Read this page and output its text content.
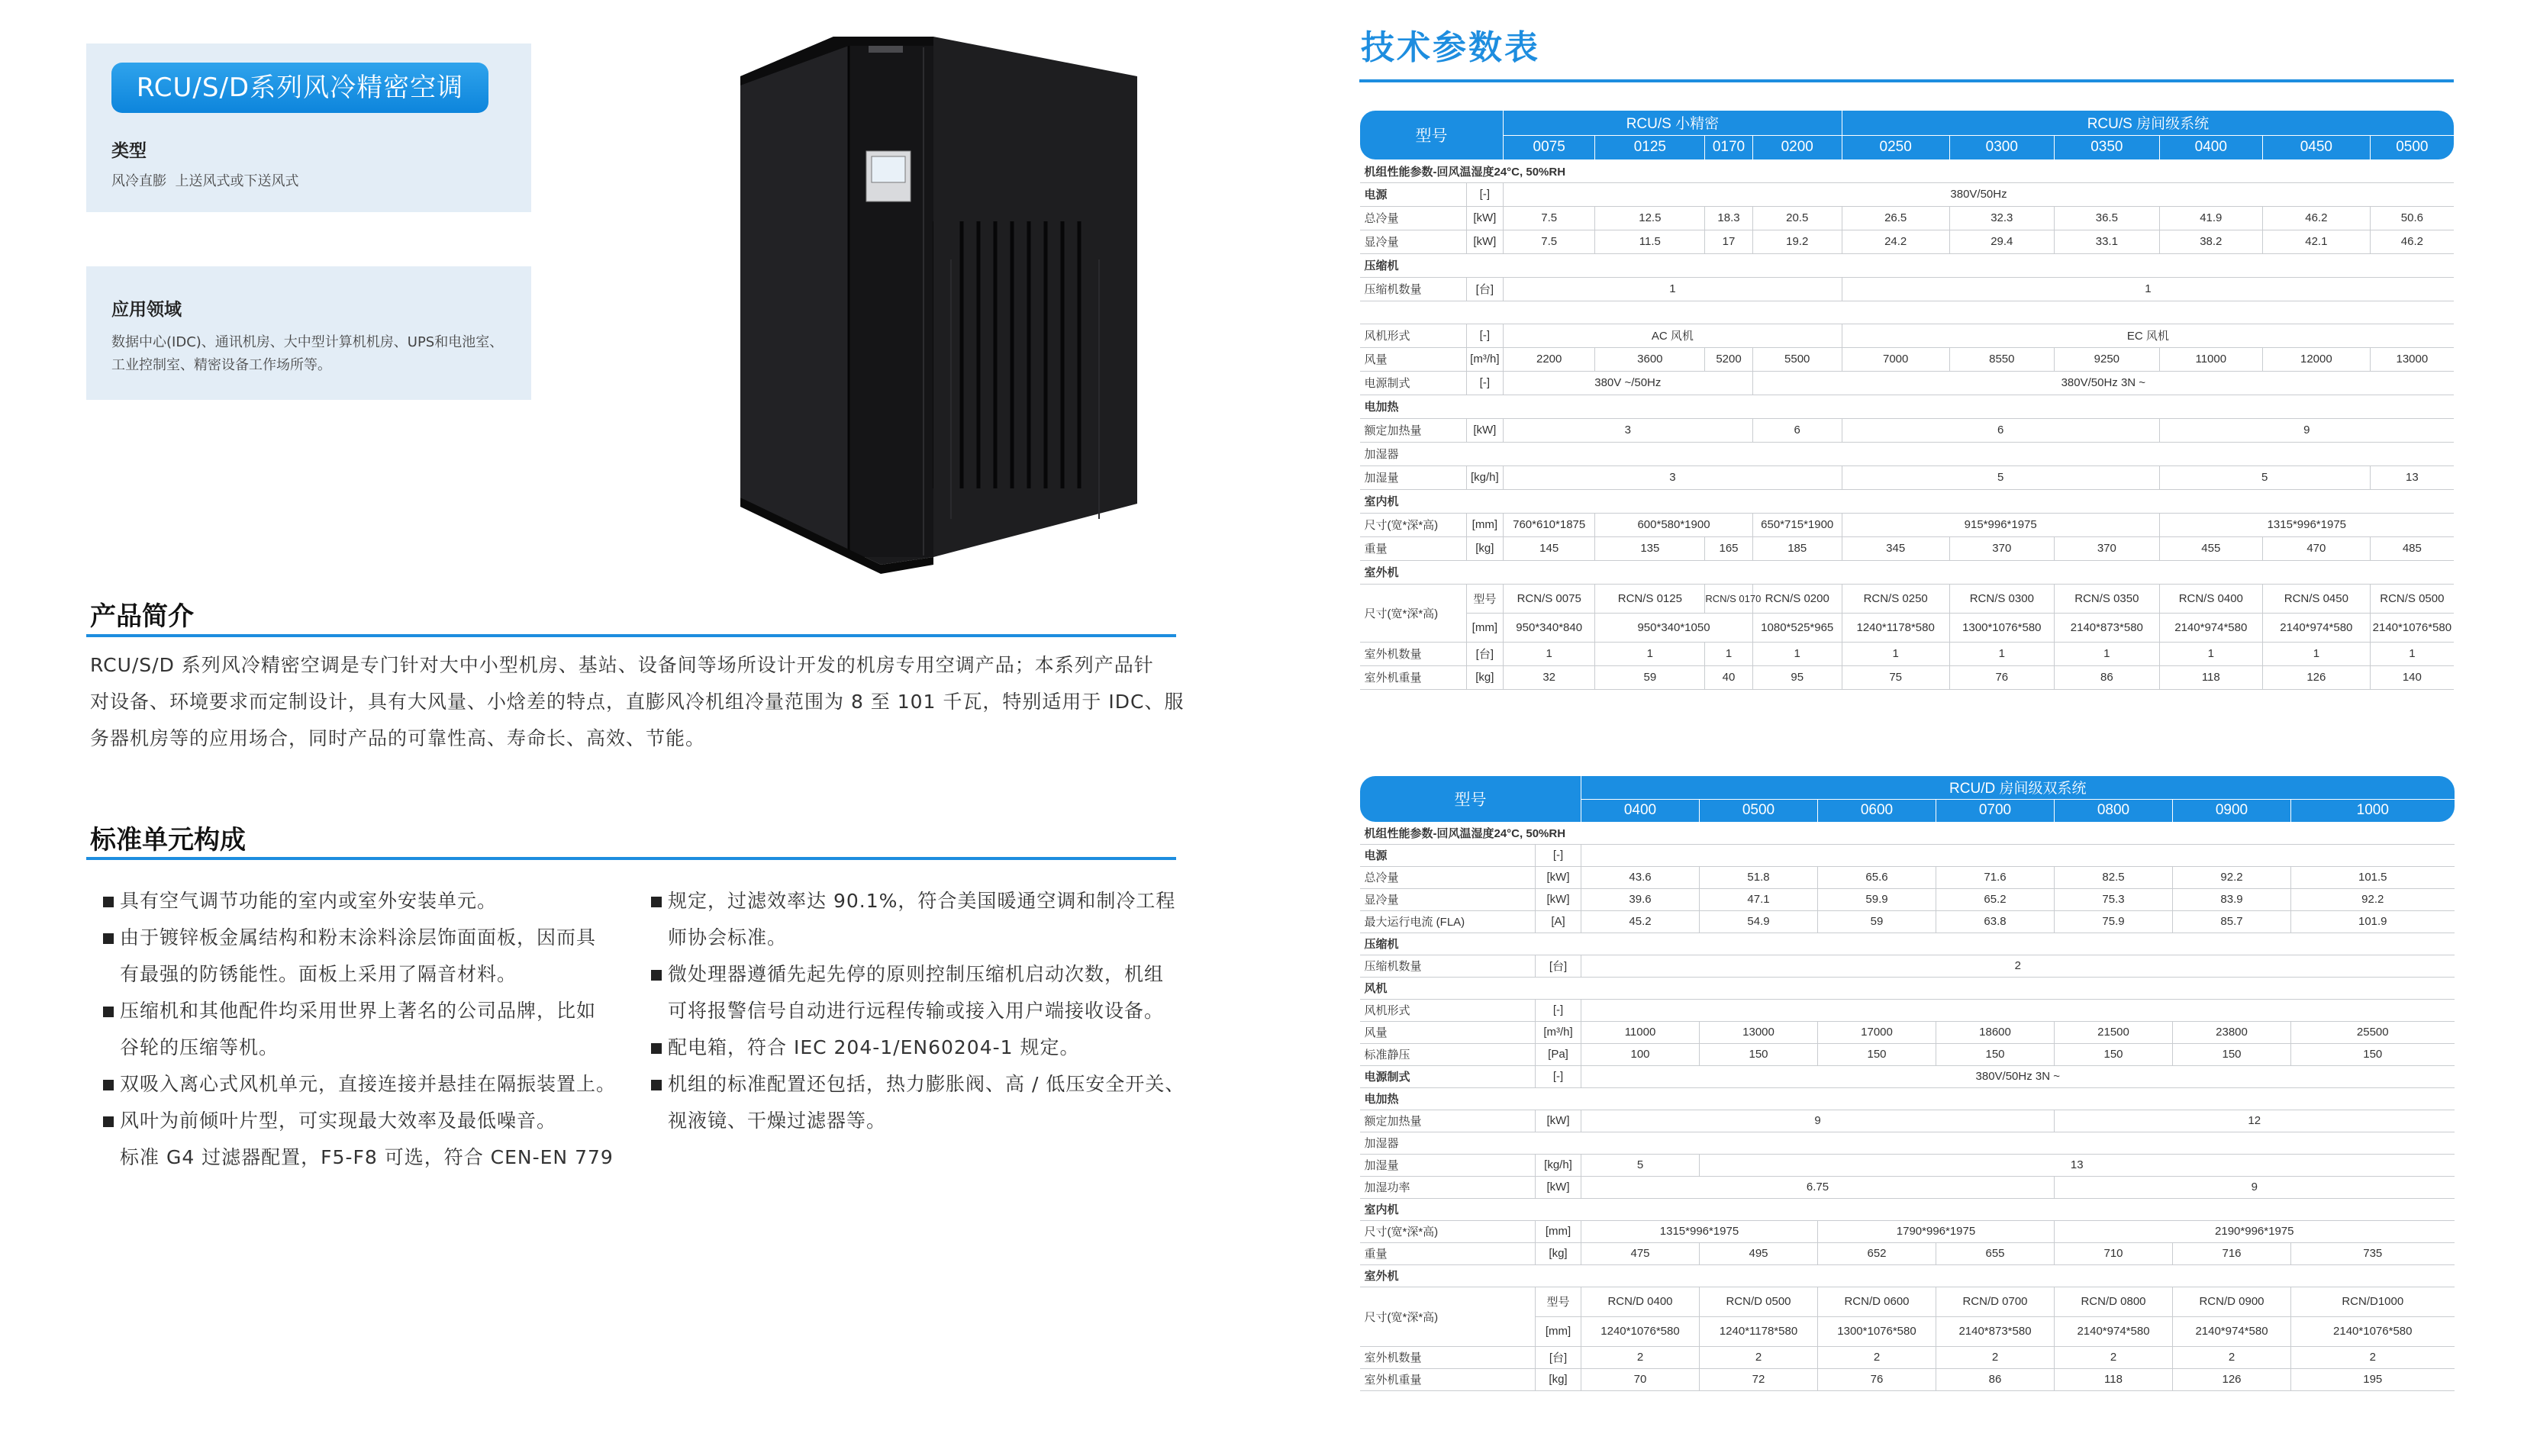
RCU/S/D系列风冷精密空调
类型
风冷直膨  上送风式或下送风式
应用领域
数据中心(IDC)、通讯机房、大中型计算机机房、UPS和电池室、
工业控制室、精密设备工作场所等。
产品简介
RCU/S/D 系列风冷精密空调是专门针对大中小型机房、基站、设备间等场所设计开发的机房专用空调产品；本系列产品针
对设备、环境要求而定制设计，具有大风量、小焓差的特点，直膨风冷机组冷量范围为 8 至 101 千瓦，特别适用于 IDC、服
务器机房等的应用场合，同时产品的可靠性高、寿命长、高效、节能。
标准单元构成
具有空气调节功能的室内或室外安装单元。
由于镀锌板金属结构和粉末涂料涂层饰面面板，因而具
有最强的防锈能性。面板上采用了隔音材料。
压缩机和其他配件均采用世界上著名的公司品牌，比如
谷轮的压缩等机。
双吸入离心式风机单元，直接连接并悬挂在隔振装置上。
风叶为前倾叶片型，可实现最大效率及最低噪音。
标准 G4 过滤器配置，F5-F8 可选，符合 CEN-EN 779
规定，过滤效率达 90.1%，符合美国暖通空调和制冷工程
师协会标准。
微处理器遵循先起先停的原则控制压缩机启动次数，机组
可将报警信号自动进行远程传输或接入用户端接收设备。
配电箱，符合 IEC 204-1/EN60204-1 规定。
机组的标准配置还包括，热力膨胀阀、高 / 低压安全开关、
视液镜、干燥过滤器等。
技术参数表
型号		RCU/S 小精密				RCU/S 房间级系统					
		0075	0125	0170	0200	0250	0300	0350	0400	0450	0500
机组性能参数-回风温湿度24°C, 50%RH											
电源	[-]	380V/50Hz									
总冷量	[kW]	7.5	12.5	18.3	20.5	26.5	32.3	36.5	41.9	46.2	50.6
显冷量	[kW]	7.5	11.5	17	19.2	24.2	29.4	33.1	38.2	42.1	46.2
压缩机											
压缩机数量	[台]	1				1					

风机形式	[-]	AC 风机				EC 风机					
风量	[m³/h]	2200	3600	5200	5500	7000	8550	9250	11000	12000	13000
电源制式	[-]	380V ~/50Hz			380V/50Hz 3N ~						
电加热											
额定加热量	[kW]	3			6	6			9		
加湿器											
加湿量	[kg/h]	3				5			5		13
室内机											
尺寸(宽*深*高)	[mm]	760*610*1875	600*580*1900		650*715*1900	915*996*1975			1315*996*1975		
重量	[kg]	145	135	165	185	345	370	370	455	470	485
室外机											
尺寸(宽*深*高)	型号	RCN/S 0075	RCN/S 0125	RCN/S 0170	RCN/S 0200	RCN/S 0250	RCN/S 0300	RCN/S 0350	RCN/S 0400	RCN/S 0450	RCN/S 0500
	[mm]	950*340*840	950*340*1050		1080*525*965	1240*1178*580	1300*1076*580	2140*873*580	2140*974*580	2140*974*580	2140*1076*580
室外机数量	[台]	1	1	1	1	1	1	1	1	1	1
室外机重量	[kg]	32	59	40	95	75	76	86	118	126	140
型号		RCU/D 房间级双系统						
		0400	0500	0600	0700	0800	0900	1000
机组性能参数-回风温湿度24°C, 50%RH								
电源	[-]							
总冷量	[kW]	43.6	51.8	65.6	71.6	82.5	92.2	101.5
显冷量	[kW]	39.6	47.1	59.9	65.2	75.3	83.9	92.2
最大运行电流 (FLA)	[A]	45.2	54.9	59	63.8	75.9	85.7	101.9
压缩机								
压缩机数量	[台]	2						
风机								
风机形式	[-]							
风量	[m³/h]	11000	13000	17000	18600	21500	23800	25500
标准静压	[Pa]	100	150	150	150	150	150	150
电源制式	[-]	380V/50Hz 3N ~						
电加热								
额定加热量	[kW]	9				12		
加湿器								
加湿量	[kg/h]	5	13					
加湿功率	[kW]	6.75				9		
室内机								
尺寸(宽*深*高)	[mm]	1315*996*1975		1790*996*1975		2190*996*1975		
重量	[kg]	475	495	652	655	710	716	735
室外机								
尺寸(宽*深*高)	型号	RCN/D 0400	RCN/D 0500	RCN/D 0600	RCN/D 0700	RCN/D 0800	RCN/D 0900	RCN/D1000
	[mm]	1240*1076*580	1240*1178*580	1300*1076*580	2140*873*580	2140*974*580	2140*974*580	2140*1076*580
室外机数量	[台]	2	2	2	2	2	2	2
室外机重量	[kg]	70	72	76	86	118	126	195
